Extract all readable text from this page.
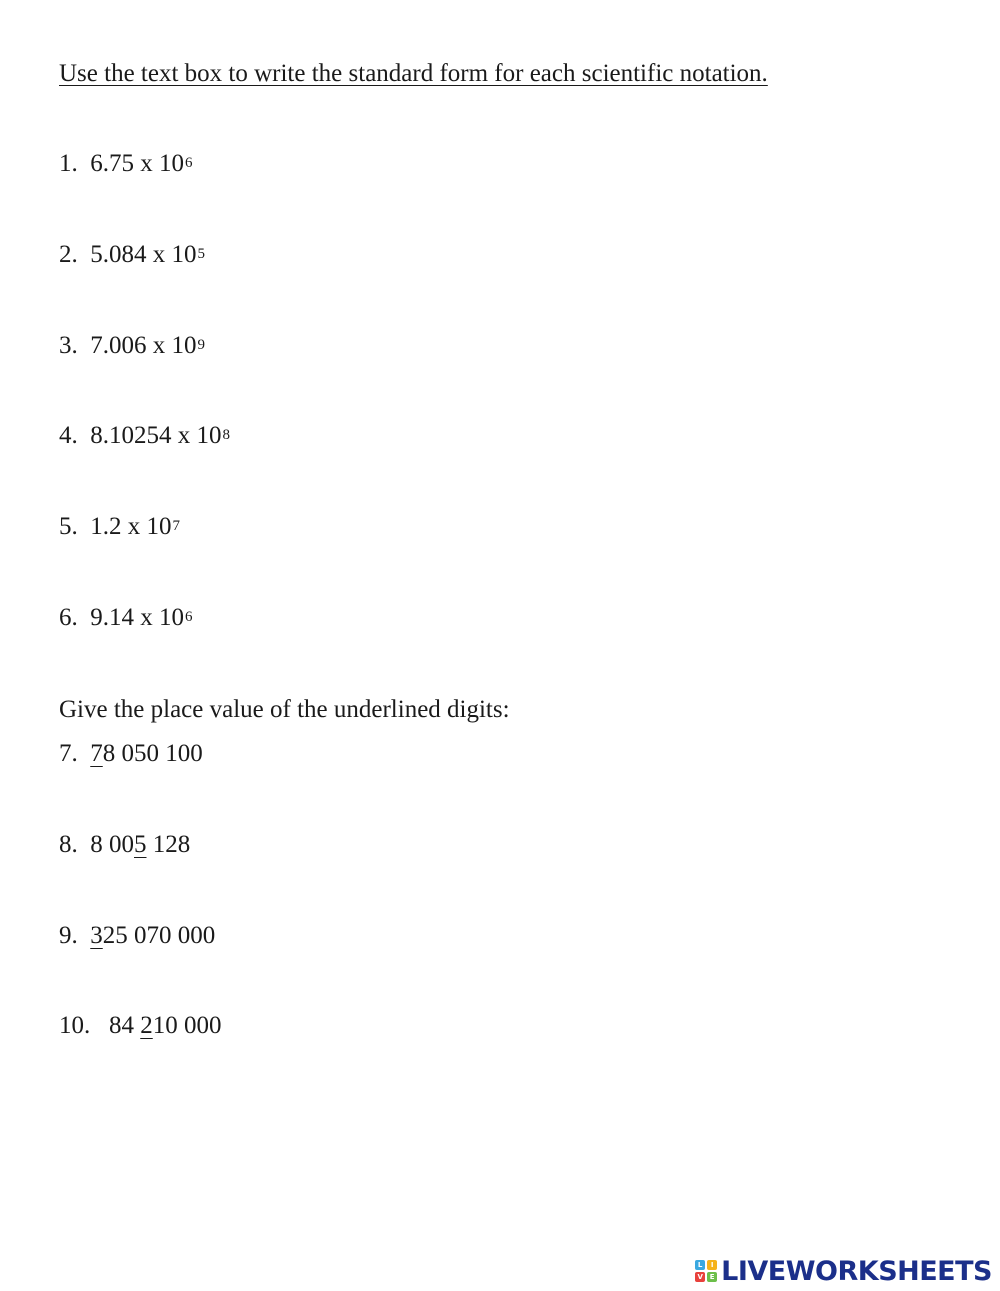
Use the text box to write the standard form for each scientific notation.
1. 6.75 x $10^6$
2. 5.084 x $10^5$
3. 7.006 x $10^9$
4. 8.10254 x $10^8$
5. 1.2 x $10^7$
6. 9.14 x $10^6$
Give the place value of the underlined digits:
7. 78 050 100
8. 8 005 128
9. 325 070 000
10. 84 210 000
L	I
V E LIVEWORKSHEETS
